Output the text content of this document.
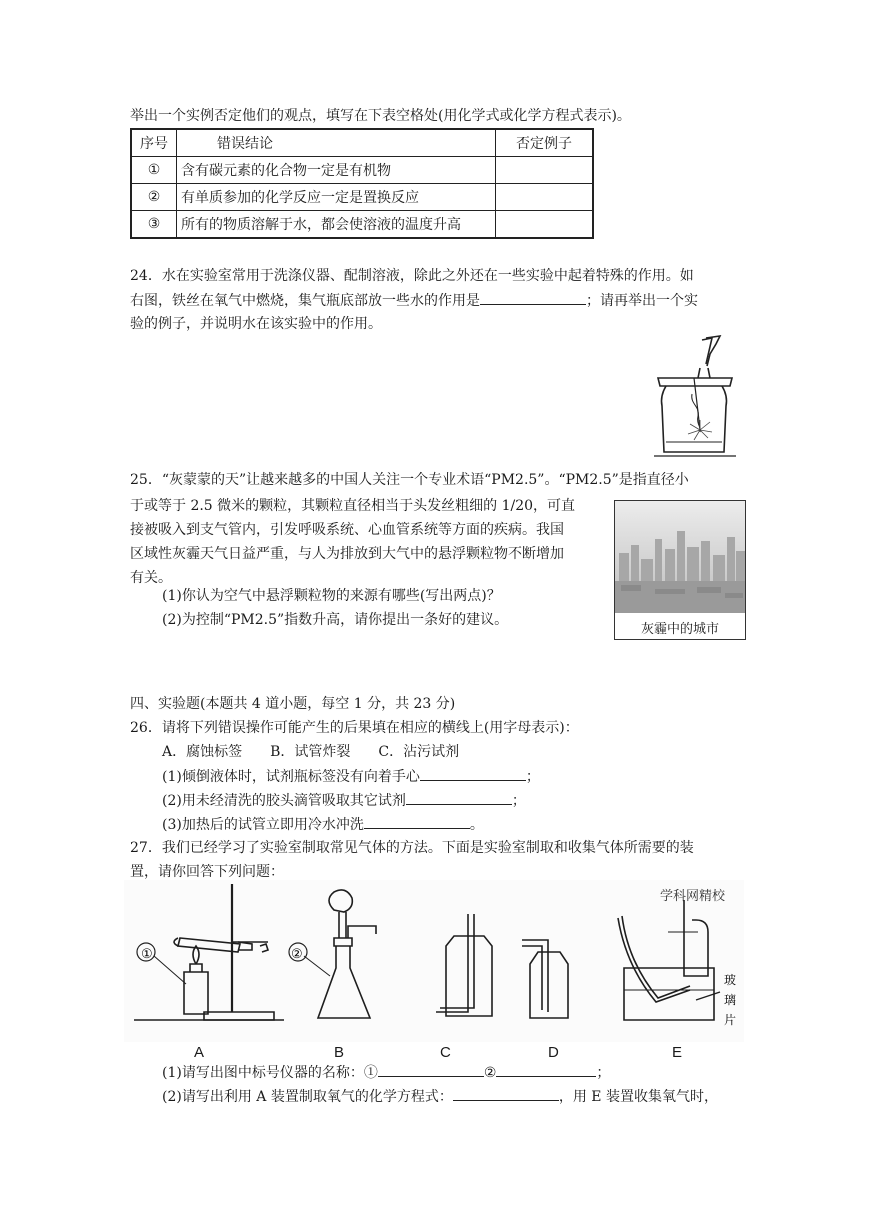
举出一个实例否定他们的观点，填写在下表空格处(用化学式或化学方程式表示)。
序号	错误结论	否定例子
①	含有碳元素的化合物一定是有机物	
②	有单质参加的化学反应一定是置换反应	
③	所有的物质溶解于水，都会使溶液的温度升高	
24．水在实验室常用于洗涤仪器、配制溶液，除此之外还在一些实验中起着特殊的作用。如
右图，铁丝在氧气中燃烧，集气瓶底部放一些水的作用是	；请再举出一个实
验的例子，并说明水在该实验中的作用。
25．“灰蒙蒙的天”让越来越多的中国人关注一个专业术语“PM2.5”。“PM2.5”是指直径小
于或等于 2.5 微米的颗粒，其颗粒直径相当于头发丝粗细的 1/20，可直
接被吸入到支气管内，引发呼吸系统、心血管系统等方面的疾病。我国
区域性灰霾天气日益严重，与人为排放到大气中的悬浮颗粒物不断增加
有关。
(1)你认为空气中悬浮颗粒物的来源有哪些(写出两点)？
(2)为控制“PM2.5”指数升高，请你提出一条好的建议。
灰霾中的城市
四、实验题(本题共 4 道小题，每空 1 分，共 23 分)
26．请将下列错误操作可能产生的后果填在相应的横线上(用字母表示)：
A．腐蚀标签　　B．试管炸裂　　C．沾污试剂
(1)倾倒液体时，试剂瓶标签没有向着手心	；
(2)用未经清洗的胶头滴管吸取其它试剂	；
(3)加热后的试管立即用冷水冲洗	。
27．我们已经学习了实验室制取常见气体的方法。下面是实验室制取和收集气体所需要的装
置，请你回答下列问题：
①	②
学科网精校
玻
璃
片
A	B	C	D	E
(1)请写出图中标号仪器的名称：①	②	；
(2)请写出利用 A 装置制取氧气的化学方程式：	，用 E 装置收集氧气时，
